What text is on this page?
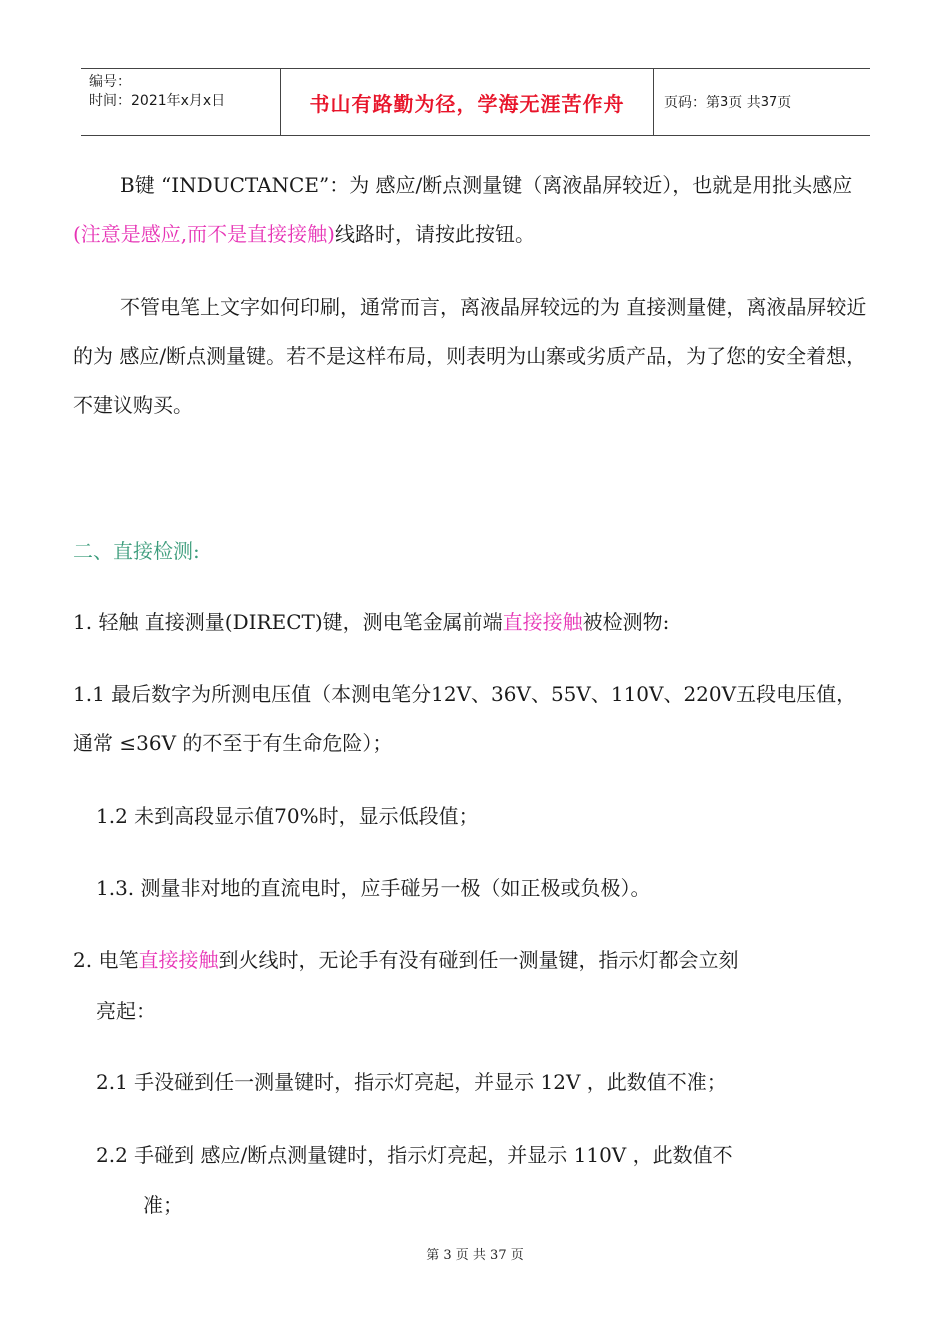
编号：
时间：2021年x月x日	书山有路勤为径，学海无涯苦作舟	页码：第 3 页 共 37 页

B键 “INDUCTANCE”：为 感应/断点测量键（离液晶屏较近），也就是用批头感应(注意是感应,而不是直接接触)线路时，请按此按钮。

不管电笔上文字如何印刷，通常而言，离液晶屏较远的为 直接测量健，离液晶屏较近的为 感应/断点测量键。若不是这样布局，则表明为山寨或劣质产品，为了您的安全着想，不建议购买。

二、直接检测:

1. 轻触 直接测量(DIRECT)键，测电笔金属前端直接接触被检测物:

1.1 最后数字为所测电压值（本测电笔分12V、36V、55V、110V、220V五段电压值，通常 ≤36V 的不至于有生命危险）；

1.2 未到高段显示值70%时，显示低段值；

1.3. 测量非对地的直流电时，应手碰另一极（如正极或负极）。

2. 电笔直接接触到火线时，无论手有没有碰到任一测量键，指示灯都会立刻

亮起：

2.1 手没碰到任一测量键时，指示灯亮起，并显示 12V ，此数值不准；

2.2 手碰到 感应/断点测量键时，指示灯亮起，并显示 110V ，此数值不

准；

第 3 页 共 37 页
